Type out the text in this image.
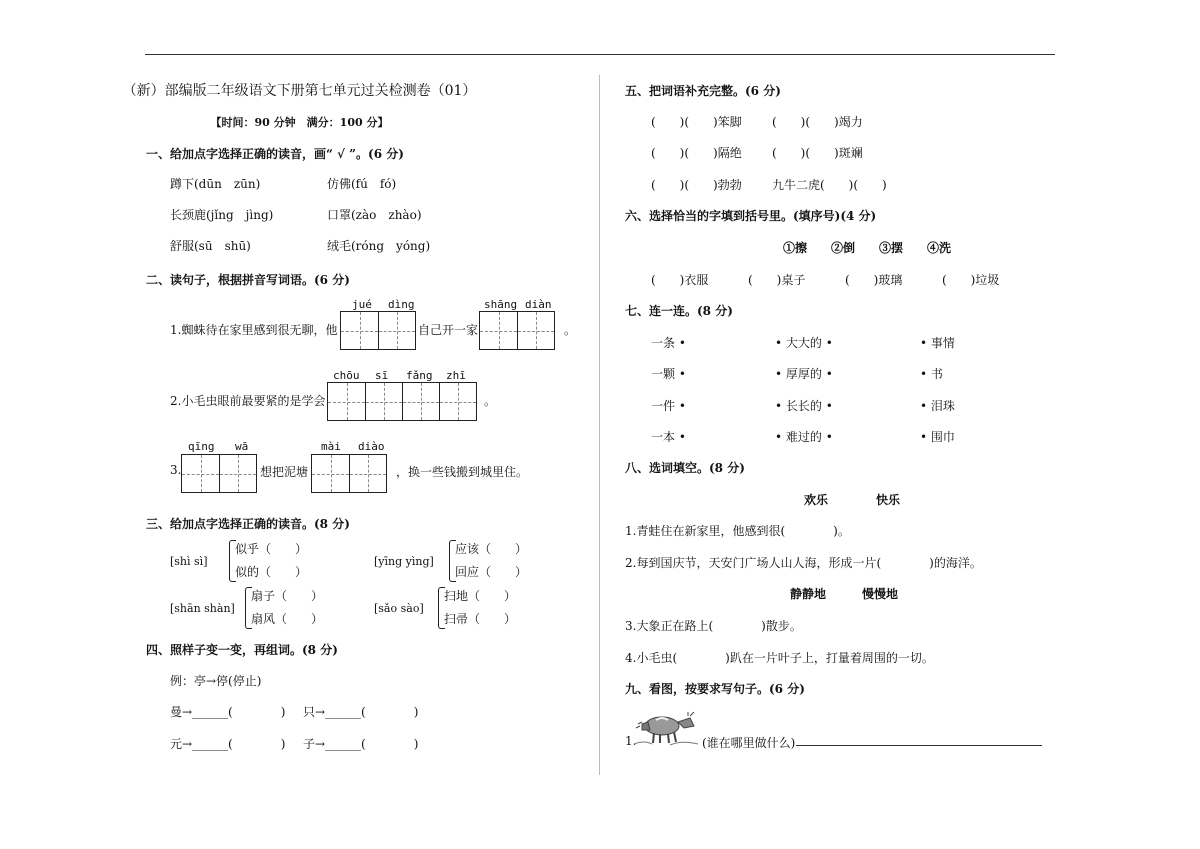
（新）部编版二年级语文下册第七单元过关检测卷（01）
【时间：90 分钟　满分：100 分】
一、给加点字选择正确的读音，画“ √ ”。(6 分)
蹲下(dūn　zūn)	仿佛(fú　fó)
长颈鹿(jǐng　jìng)	口罩(zào　zhào)
舒服(sū　shū)	绒毛(róng　yóng)
二、读句子，根据拼音写词语。(6 分)
jué dìng	shāng diàn
1.蜘蛛待在家里感到很无聊，他	自己开一家	。
chōu sī fǎng zhī
2.小毛虫眼前最要紧的是学会	。
qīng wā	mài diào
3.	想把泥塘	，换一些钱搬到城里住。
三、给加点字选择正确的读音。(8 分)
[shì sì]
似乎（　　）
似的（　　）
[yīng yìng]
应该（　　）
回应（　　）
[shān shàn]
扇子（　　）
扇风（　　）
[sǎo sào]
扫地（　　）
扫帚（　　）
四、照样子变一变，再组词。(8 分)
例：亭→停(停止)
曼→______(　　　　) 只→______(　　　　)
元→______(　　　　) 子→______(　　　　)
五、把词语补充完整。(6 分)
(　　)(　　)笨脚	(　　)(　　)竭力
(　　)(　　)隔绝	(　　)(　　)斑斓
(　　)(　　)勃勃	九牛二虎(　　)(　　)
六、选择恰当的字填到括号里。(填序号)(4 分)
①擦　　②倒　　③摆　　④洗
(　　)衣服	(　　)桌子	(　　)玻璃	(　　)垃圾
七、连一连。(8 分)
一条 •	• 大大的 •	• 事情
一颗 •	• 厚厚的 •	• 书
一件 •	• 长长的 •	• 泪珠
一本 •	• 难过的 •	• 围巾
八、选词填空。(8 分)
欢乐　　　　快乐
1.青蛙住在新家里，他感到很(　　　　)。
2.每到国庆节，天安门广场人山人海，形成一片(　　　　)的海洋。
静静地　　　慢慢地
3.大象正在路上(　　　　)散步。
4.小毛虫(　　　　)趴在一片叶子上，打量着周围的一切。
九、看图，按要求写句子。(6 分)
1.	(谁在哪里做什么)
